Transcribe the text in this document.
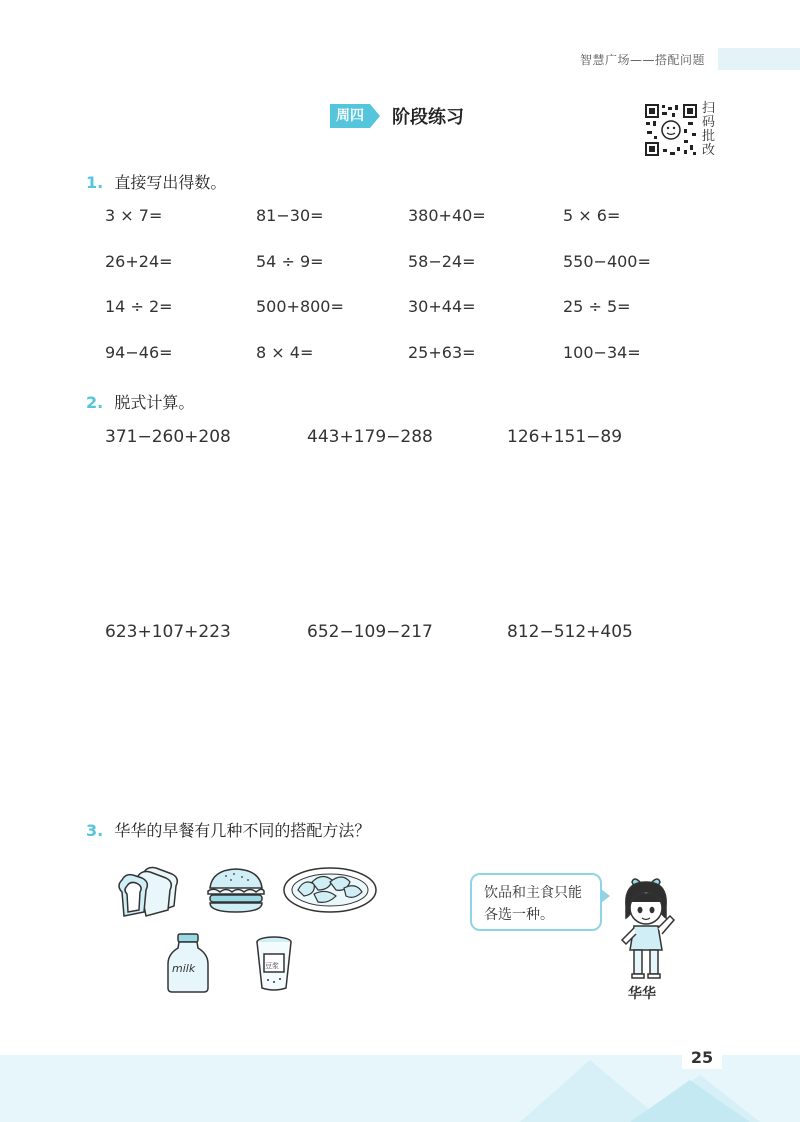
智慧广场——搭配问题
周四	阶段练习	扫码批改
1. 直接写出得数。
3 × 7=	81−30=	380+40=	5 × 6=
26+24=	54 ÷ 9=	58−24=	550−400=
14 ÷ 2=	500+800=	30+44=	25 ÷ 5=
94−46=	8 × 4=	25+63=	100−34=
2. 脱式计算。
371−260+208	443+179−288	126+151−89
623+107+223	652−109−217	812−512+405
3. 华华的早餐有几种不同的搭配方法？
milk	豆浆
饮品和主食只能
各选一种。
华华
25
